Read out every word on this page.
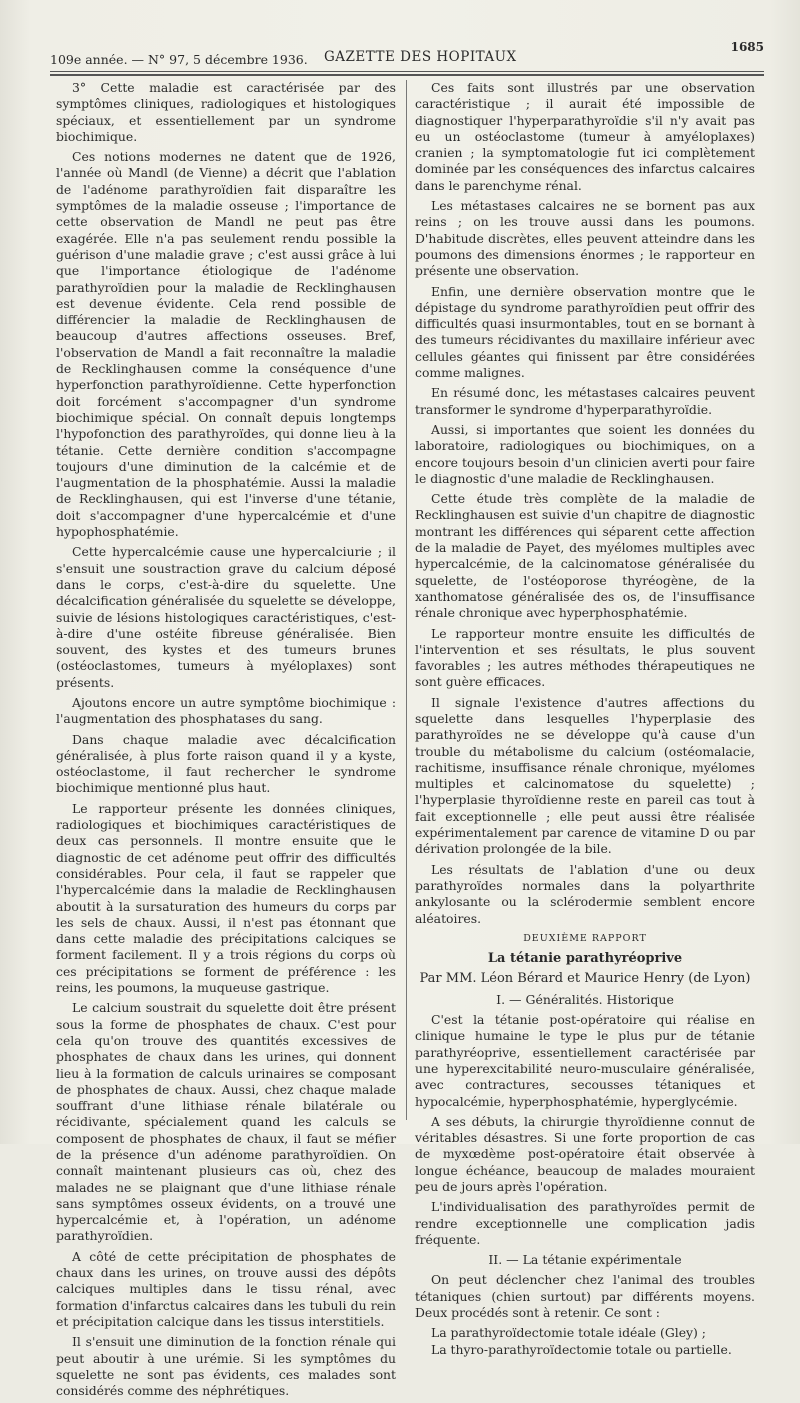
109e année. — N° 97, 5 décembre 1936. GAZETTE DES HOPITAUX
1685

3° Cette maladie est caractérisée par des symptômes cliniques, radiologiques et histologiques spéciaux, et essentiellement par un syndrome biochimique.

Ces notions modernes ne datent que de 1926, l'année où Mandl (de Vienne) a décrit que l'ablation de l'adénome parathyroïdien fait disparaître les symptômes de la maladie osseuse ; l'importance de cette observation de Mandl ne peut pas être exagérée. Elle n'a pas seulement rendu possible la guérison d'une maladie grave ; c'est aussi grâce à lui que l'importance étiologique de l'adénome parathyroïdien pour la maladie de Recklinghausen est devenue évidente. Cela rend possible de différencier la maladie de Recklinghausen de beaucoup d'autres affections osseuses. Bref, l'observation de Mandl a fait reconnaître la maladie de Recklinghausen comme la conséquence d'une hyperfonction parathyroïdienne. Cette hyperfonction doit forcément s'accompagner d'un syndrome biochimique spécial. On connaît depuis longtemps l'hypofonction des parathyroïdes, qui donne lieu à la tétanie. Cette dernière condition s'accompagne toujours d'une diminution de la calcémie et de l'augmentation de la phosphatémie. Aussi la maladie de Recklinghausen, qui est l'inverse d'une tétanie, doit s'accompagner d'une hypercalcémie et d'une hypophosphatémie.

Cette hypercalcémie cause une hypercalciurie ; il s'ensuit une soustraction grave du calcium déposé dans le corps, c'est-à-dire du squelette. Une décalcification généralisée du squelette se développe, suivie de lésions histologiques caractéristiques, c'est-à-dire d'une ostéite fibreuse généralisée. Bien souvent, des kystes et des tumeurs brunes (ostéoclastomes, tumeurs à myéloplaxes) sont présents.

Ajoutons encore un autre symptôme biochimique : l'augmentation des phosphatases du sang.

Dans chaque maladie avec décalcification généralisée, à plus forte raison quand il y a kyste, ostéoclastome, il faut rechercher le syndrome biochimique mentionné plus haut.

Le rapporteur présente les données cliniques, radiologiques et biochimiques caractéristiques de deux cas personnels. Il montre ensuite que le diagnostic de cet adénome peut offrir des difficultés considérables. Pour cela, il faut se rappeler que l'hypercalcémie dans la maladie de Recklinghausen aboutit à la sursaturation des humeurs du corps par les sels de chaux. Aussi, il n'est pas étonnant que dans cette maladie des précipitations calciques se forment facilement. Il y a trois régions du corps où ces précipitations se forment de préférence : les reins, les poumons, la muqueuse gastrique.

Le calcium soustrait du squelette doit être présent sous la forme de phosphates de chaux. C'est pour cela qu'on trouve des quantités excessives de phosphates de chaux dans les urines, qui donnent lieu à la formation de calculs urinaires se composant de phosphates de chaux. Aussi, chez chaque malade souffrant d'une lithiase rénale bilatérale ou récidivante, spécialement quand les calculs se composent de phosphates de chaux, il faut se méfier de la présence d'un adénome parathyroïdien. On connaît maintenant plusieurs cas où, chez des malades ne se plaignant que d'une lithiase rénale sans symptômes osseux évidents, on a trouvé une hypercalcémie et, à l'opération, un adénome parathyroïdien.

A côté de cette précipitation de phosphates de chaux dans les urines, on trouve aussi des dépôts calciques multiples dans le tissu rénal, avec formation d'infarctus calcaires dans les tubuli du rein et précipitation calcique dans les tissus interstitiels.

Il s'ensuit une diminution de la fonction rénale qui peut aboutir à une urémie. Si les symptômes du squelette ne sont pas évidents, ces malades sont considérés comme des néphrétiques.

Ces faits sont illustrés par une observation caractéristique ; il aurait été impossible de diagnostiquer l'hyperparathyroïdie s'il n'y avait pas eu un ostéoclastome (tumeur à amyéloplaxes) cranien ; la symptomatologie fut ici complètement dominée par les conséquences des infarctus calcaires dans le parenchyme rénal.

Les métastases calcaires ne se bornent pas aux reins ; on les trouve aussi dans les poumons. D'habitude discrètes, elles peuvent atteindre dans les poumons des dimensions énormes ; le rapporteur en présente une observation.

Enfin, une dernière observation montre que le dépistage du syndrome parathyroïdien peut offrir des difficultés quasi insurmontables, tout en se bornant à des tumeurs récidivantes du maxillaire inférieur avec cellules géantes qui finissent par être considérées comme malignes.

En résumé donc, les métastases calcaires peuvent transformer le syndrome d'hyperparathyroïdie.

Aussi, si importantes que soient les données du laboratoire, radiologiques ou biochimiques, on a encore toujours besoin d'un clinicien averti pour faire le diagnostic d'une maladie de Recklinghausen.

Cette étude très complète de la maladie de Recklinghausen est suivie d'un chapitre de diagnostic montrant les différences qui séparent cette affection de la maladie de Payet, des myélomes multiples avec hypercalcémie, de la calcinomatose généralisée du squelette, de l'ostéoporose thyréogène, de la xanthomatose généralisée des os, de l'insuffisance rénale chronique avec hyperphosphatémie.

Le rapporteur montre ensuite les difficultés de l'intervention et ses résultats, le plus souvent favorables ; les autres méthodes thérapeutiques ne sont guère efficaces.

Il signale l'existence d'autres affections du squelette dans lesquelles l'hyperplasie des parathyroïdes ne se développe qu'à cause d'un trouble du métabolisme du calcium (ostéomalacie, rachitisme, insuffisance rénale chronique, myélomes multiples et calcinomatose du squelette) ; l'hyperplasie thyroïdienne reste en pareil cas tout à fait exceptionnelle ; elle peut aussi être réalisée expérimentalement par carence de vitamine D ou par dérivation prolongée de la bile.

Les résultats de l'ablation d'une ou deux parathyroïdes normales dans la polyarthrite ankylosante ou la sclérodermie semblent encore aléatoires.

DEUXIÈME RAPPORT

La tétanie parathyréoprive

Par MM. Léon Bérard et Maurice Henry (de Lyon)

I. — Généralités. Historique

C'est la tétanie post-opératoire qui réalise en clinique humaine le type le plus pur de tétanie parathyréoprive, essentiellement caractérisée par une hyperexcitabilité neuro-musculaire généralisée, avec contractures, secousses tétaniques et hypocalcémie, hyperphosphatémie, hyperglycémie.

A ses débuts, la chirurgie thyroïdienne connut de véritables désastres. Si une forte proportion de cas de myxœdème post-opératoire était observée à longue échéance, beaucoup de malades mouraient peu de jours après l'opération.

L'individualisation des parathyroïdes permit de rendre exceptionnelle une complication jadis fréquente.

II. — La tétanie expérimentale

On peut déclencher chez l'animal des troubles tétaniques (chien surtout) par différents moyens. Deux procédés sont à retenir. Ce sont :

La parathyroïdectomie totale idéale (Gley) ;

La thyro-parathyroïdectomie totale ou partielle.
